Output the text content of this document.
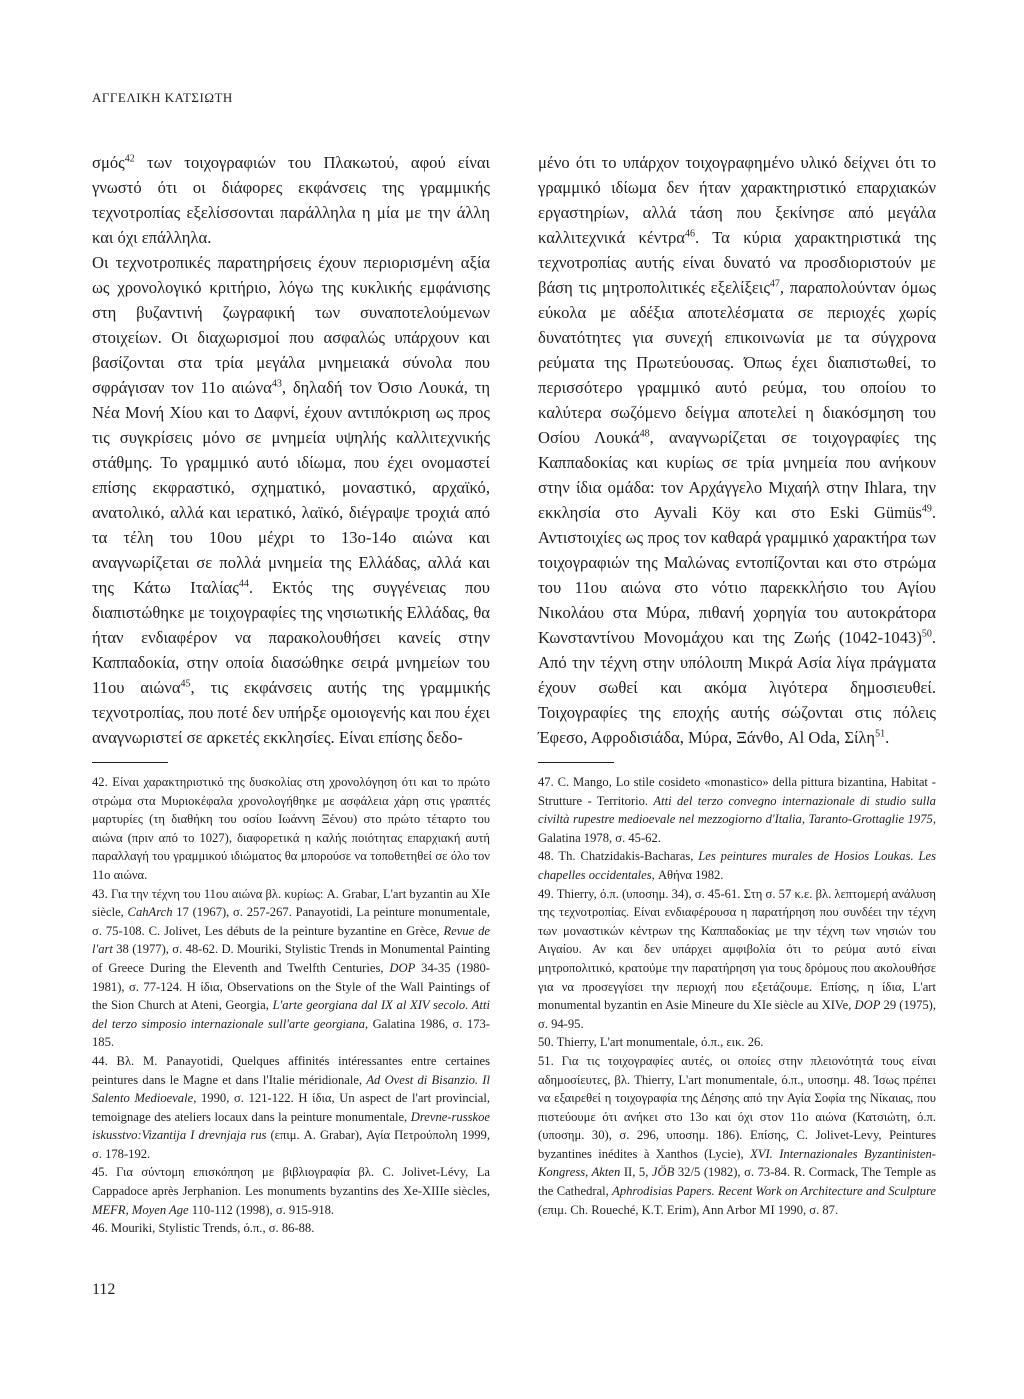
ΑΓΓΕΛΙΚΗ ΚΑΤΣΙΩΤΗ

σμός$^{42}$ των τοιχογραφιών του Πλακωτού, αφού είναι γνωστό ότι οι διάφορες εκφάνσεις της γραμμικής τεχνοτροπίας εξελίσσονται παράλληλα η μία με την άλλη και όχι επάλληλα.

Οι τεχνοτροπικές παρατηρήσεις έχουν περιορισμένη αξία ως χρονολογικό κριτήριο, λόγω της κυκλικής εμφάνισης στη βυζαντινή ζωγραφική των συναποτελούμενων στοιχείων. Οι διαχωρισμοί που ασφαλώς υπάρχουν και βασίζονται στα τρία μεγάλα μνημειακά σύνολα που σφράγισαν τον 11ο αιώνα$^{43}$, δηλαδή τον Όσιο Λουκά, τη Νέα Μονή Χίου και το Δαφνί, έχουν αντιπόκριση ως προς τις συγκρίσεις μόνο σε μνημεία υψηλής καλλιτεχνικής στάθμης. Το γραμμικό αυτό ιδίωμα, που έχει ονομαστεί επίσης εκφραστικό, σχηματικό, μοναστικό, αρχαϊκό, ανατολικό, αλλά και ιερατικό, λαϊκό, διέγραψε τροχιά από τα τέλη του 10ου μέχρι το 13ο-14ο αιώνα και αναγνωρίζεται σε πολλά μνημεία της Ελλάδας, αλλά και της Κάτω Ιταλίας$^{44}$. Εκτός της συγγένειας που διαπιστώθηκε με τοιχογραφίες της νησιωτικής Ελλάδας, θα ήταν ενδιαφέρον να παρακολουθήσει κανείς στην Καππαδοκία, στην οποία διασώθηκε σειρά μνημείων του 11ου αιώνα$^{45}$, τις εκφάνσεις αυτής της γραμμικής τεχνοτροπίας, που ποτέ δεν υπήρξε ομοιογενής και που έχει αναγνωριστεί σε αρκετές εκκλησίες. Είναι επίσης δεδο-

μένο ότι το υπάρχον τοιχογραφημένο υλικό δείχνει ότι το γραμμικό ιδίωμα δεν ήταν χαρακτηριστικό επαρχιακών εργαστηρίων, αλλά τάση που ξεκίνησε από μεγάλα καλλιτεχνικά κέντρα$^{46}$. Τα κύρια χαρακτηριστικά της τεχνοτροπίας αυτής είναι δυνατό να προσδιοριστούν με βάση τις μητροπολιτικές εξελίξεις$^{47}$, παραπολούνταν όμως εύκολα με αδέξια αποτελέσματα σε περιοχές χωρίς δυνατότητες για συνεχή επικοινωνία με τα σύγχρονα ρεύματα της Πρωτεύουσας. Όπως έχει διαπιστωθεί, το περισσότερο γραμμικό αυτό ρεύμα, του οποίου το καλύτερα σωζόμενο δείγμα αποτελεί η διακόσμηση του Οσίου Λουκά$^{48}$, αναγνωρίζεται σε τοιχογραφίες της Καππαδοκίας και κυρίως σε τρία μνημεία που ανήκουν στην ίδια ομάδα: τον Αρχάγγελο Μιχαήλ στην Ihlara, την εκκλησία στο Ayvali Köy και στο Eski Gümüs$^{49}$. Αντιστοιχίες ως προς τον καθαρά γραμμικό χαρακτήρα των τοιχογραφιών της Μαλώνας εντοπίζονται και στο στρώμα του 11ου αιώνα στο νότιο παρεκκλήσιο του Αγίου Νικολάου στα Μύρα, πιθανή χορηγία του αυτοκράτορα Κωνσταντίνου Μονομάχου και της Ζωής (1042-1043)$^{50}$. Από την τέχνη στην υπόλοιπη Μικρά Ασία λίγα πράγματα έχουν σωθεί και ακόμα λιγότερα δημοσιευθεί. Τοιχογραφίες της εποχής αυτής σώζονται στις πόλεις Έφεσο, Αφροδισιάδα, Μύρα, Ξάνθο, Al Oda, Σίλη$^{51}$.

42. Είναι χαρακτηριστικό της δυσκολίας στη χρονολόγηση ότι και το πρώτο στρώμα στα Μυριοκέφαλα χρονολογήθηκε με ασφάλεια χάρη στις γραπτές μαρτυρίες (τη διαθήκη του οσίου Ιωάννη Ξένου) στο πρώτο τέταρτο του αιώνα (πριν από το 1027), διαφορετικά η καλής ποιότητας επαρχιακή αυτή παραλλαγή του γραμμικού ιδιώματος θα μπορούσε να τοποθετηθεί σε όλο τον 11ο αιώνα.

43. Για την τέχνη του 11ου αιώνα βλ. κυρίως: A. Grabar, L'art byzantin au XIe siècle, CahArch 17 (1967), σ. 257-267. Panayotidi, La peinture monumentale, σ. 75-108. C. Jolivet, Les débuts de la peinture byzantine en Grèce, Revue de l'art 38 (1977), σ. 48-62. D. Mouriki, Stylistic Trends in Monumental Painting of Greece During the Eleventh and Twelfth Centuries, DOP 34-35 (1980-1981), σ. 77-124. Η ίδια, Observations on the Style of the Wall Paintings of the Sion Church at Ateni, Georgia, L'arte georgiana dal IX al XIV secolo. Atti del terzo simposio internazionale sull'arte georgiana, Galatina 1986, σ. 173-185.

44. Βλ. M. Panayotidi, Quelques affinités intéressantes entre certaines peintures dans le Magne et dans l'Italie méridionale, Ad Ovest di Bisanzio. Il Salento Medioevale, 1990, σ. 121-122. Η ίδια, Un aspect de l'art provincial, temoignage des ateliers locaux dans la peinture monumentale, Drevne-russkoe iskusstvo:Vizantija I drevnjaja rus (επιμ. A. Grabar), Αγία Πετρούπολη 1999, σ. 178-192.

45. Για σύντομη επισκόπηση με βιβλιογραφία βλ. C. Jolivet-Lévy, La Cappadoce après Jerphanion. Les monuments byzantins des Xe-XIIIe siècles, MEFR, Moyen Age 110-112 (1998), σ. 915-918.

46. Mouriki, Stylistic Trends, ό.π., σ. 86-88.

47. C. Mango, Lo stile cosideto «monastico» della pittura bizantina, Habitat - Strutture - Territorio. Atti del terzo convegno internazionale di studio sulla civiltà rupestre medioevale nel mezzogiorno d'Italia, Taranto-Grottaglie 1975, Galatina 1978, σ. 45-62.

48. Th. Chatzidakis-Bacharas, Les peintures murales de Hosios Loukas. Les chapelles occidentales, Αθήνα 1982.

49. Thierry, ό.π. (υποσημ. 34), σ. 45-61. Στη σ. 57 κ.ε. βλ. λεπτομερή ανάλυση της τεχνοτροπίας. Είναι ενδιαφέρουσα η παρατήρηση που συνδέει την τέχνη των μοναστικών κέντρων της Καππαδοκίας με την τέχνη των νησιών του Αιγαίου. Αν και δεν υπάρχει αμφιβολία ότι το ρεύμα αυτό είναι μητροπολιτικό, κρατούμε την παρατήρηση για τους δρόμους που ακολουθήσε για να προσεγγίσει την περιοχή που εξετάζουμε. Επίσης, η ίδια, L'art monumental byzantin en Asie Mineure du XIe siècle au XIVe, DOP 29 (1975), σ. 94-95.

50. Thierry, L'art monumentale, ό.π., εικ. 26.

51. Για τις τοιχογραφίες αυτές, οι οποίες στην πλειονότητά τους είναι αδημοσίευτες, βλ. Thierry, L'art monumentale, ό.π., υποσημ. 48. Ίσως πρέπει να εξαιρεθεί η τοιχογραφία της Δέησης από την Αγία Σοφία της Νίκαιας, που πιστεύουμε ότι ανήκει στο 13ο και όχι στον 11ο αιώνα (Κατσιώτη, ό.π. (υποσημ. 30), σ. 296, υποσημ. 186). Επίσης, C. Jolivet-Levy, Peintures byzantines inédites à Xanthos (Lycie), XVI. Internazionales Byzantinisten-Kongress, Akten II, 5, JÖB 32/5 (1982), σ. 73-84. R. Cormack, The Temple as the Cathedral, Aphrodisias Papers. Recent Work on Architecture and Sculpture (επιμ. Ch. Roueché, K.T. Erim), Ann Arbor MI 1990, σ. 87.

112
